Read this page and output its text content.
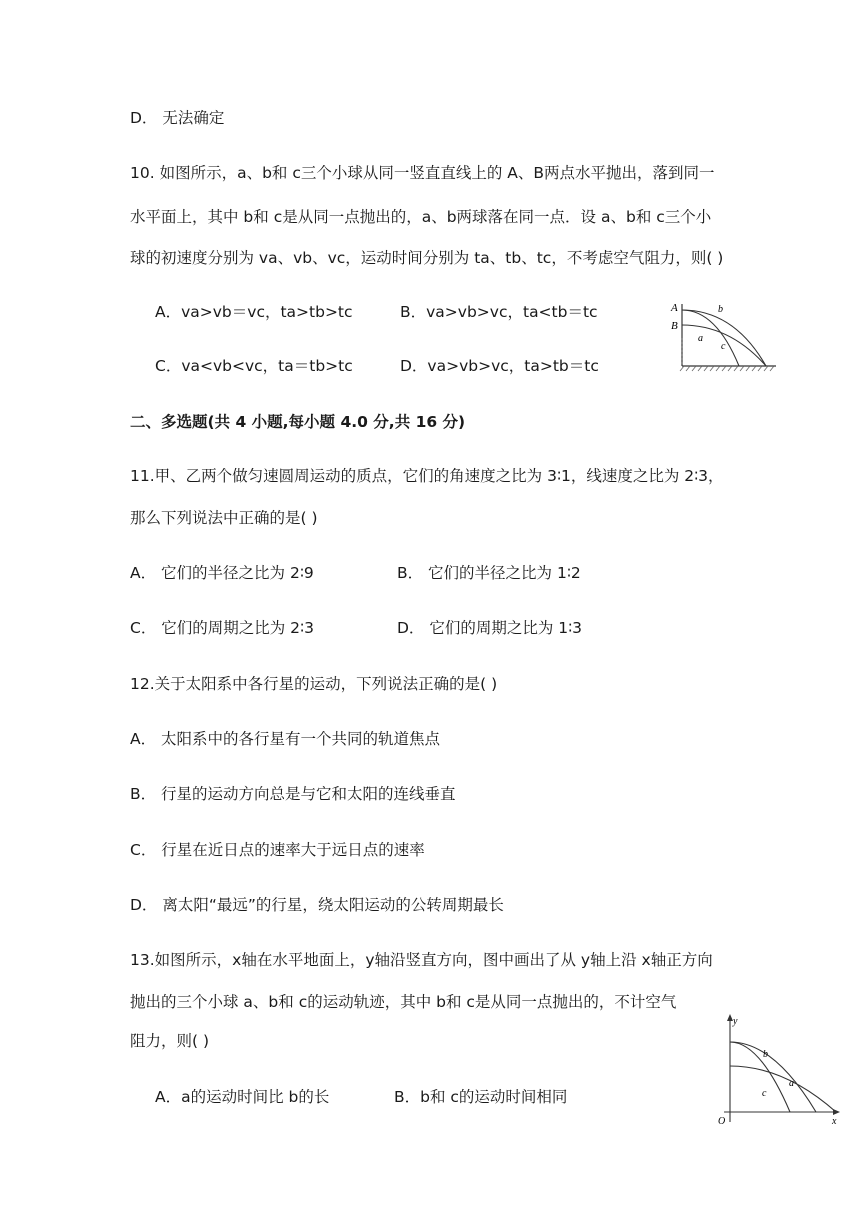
D． 无法确定
10. 如图所示，a、b和 c三个小球从同一竖直直线上的 A、B两点水平抛出，落到同一
水平面上，其中 b和 c是从同一点抛出的，a、b两球落在同一点．设 a、b和 c三个小
球的初速度分别为 va、vb、vc，运动时间分别为 ta、tb、tc，不考虑空气阻力，则( )
A．va>vb＝vc，ta>tb>tc	B．va>vb>vc，ta<tb＝tc
C．va<vb<vc，ta＝tb>tc	D．va>vb>vc，ta>tb＝tc
A
B
b
a
c
二、多选题(共 4 小题,每小题 4.0 分,共 16 分)
11.甲、乙两个做匀速圆周运动的质点，它们的角速度之比为 3∶1，线速度之比为 2∶3，
那么下列说法中正确的是( )
A． 它们的半径之比为 2∶9	B． 它们的半径之比为 1∶2
C． 它们的周期之比为 2∶3	D． 它们的周期之比为 1∶3
12.关于太阳系中各行星的运动，下列说法正确的是( )
A． 太阳系中的各行星有一个共同的轨道焦点
B． 行星的运动方向总是与它和太阳的连线垂直
C． 行星在近日点的速率大于远日点的速率
D． 离太阳“最远”的行星，绕太阳运动的公转周期最长
13.如图所示，x轴在水平地面上，y轴沿竖直方向，图中画出了从 y轴上沿 x轴正方向
抛出的三个小球 a、b和 c的运动轨迹，其中 b和 c是从同一点抛出的，不计空气
阻力，则( )
A．a的运动时间比 b的长	B．b和 c的运动时间相同
y
x
O
b
c
a
